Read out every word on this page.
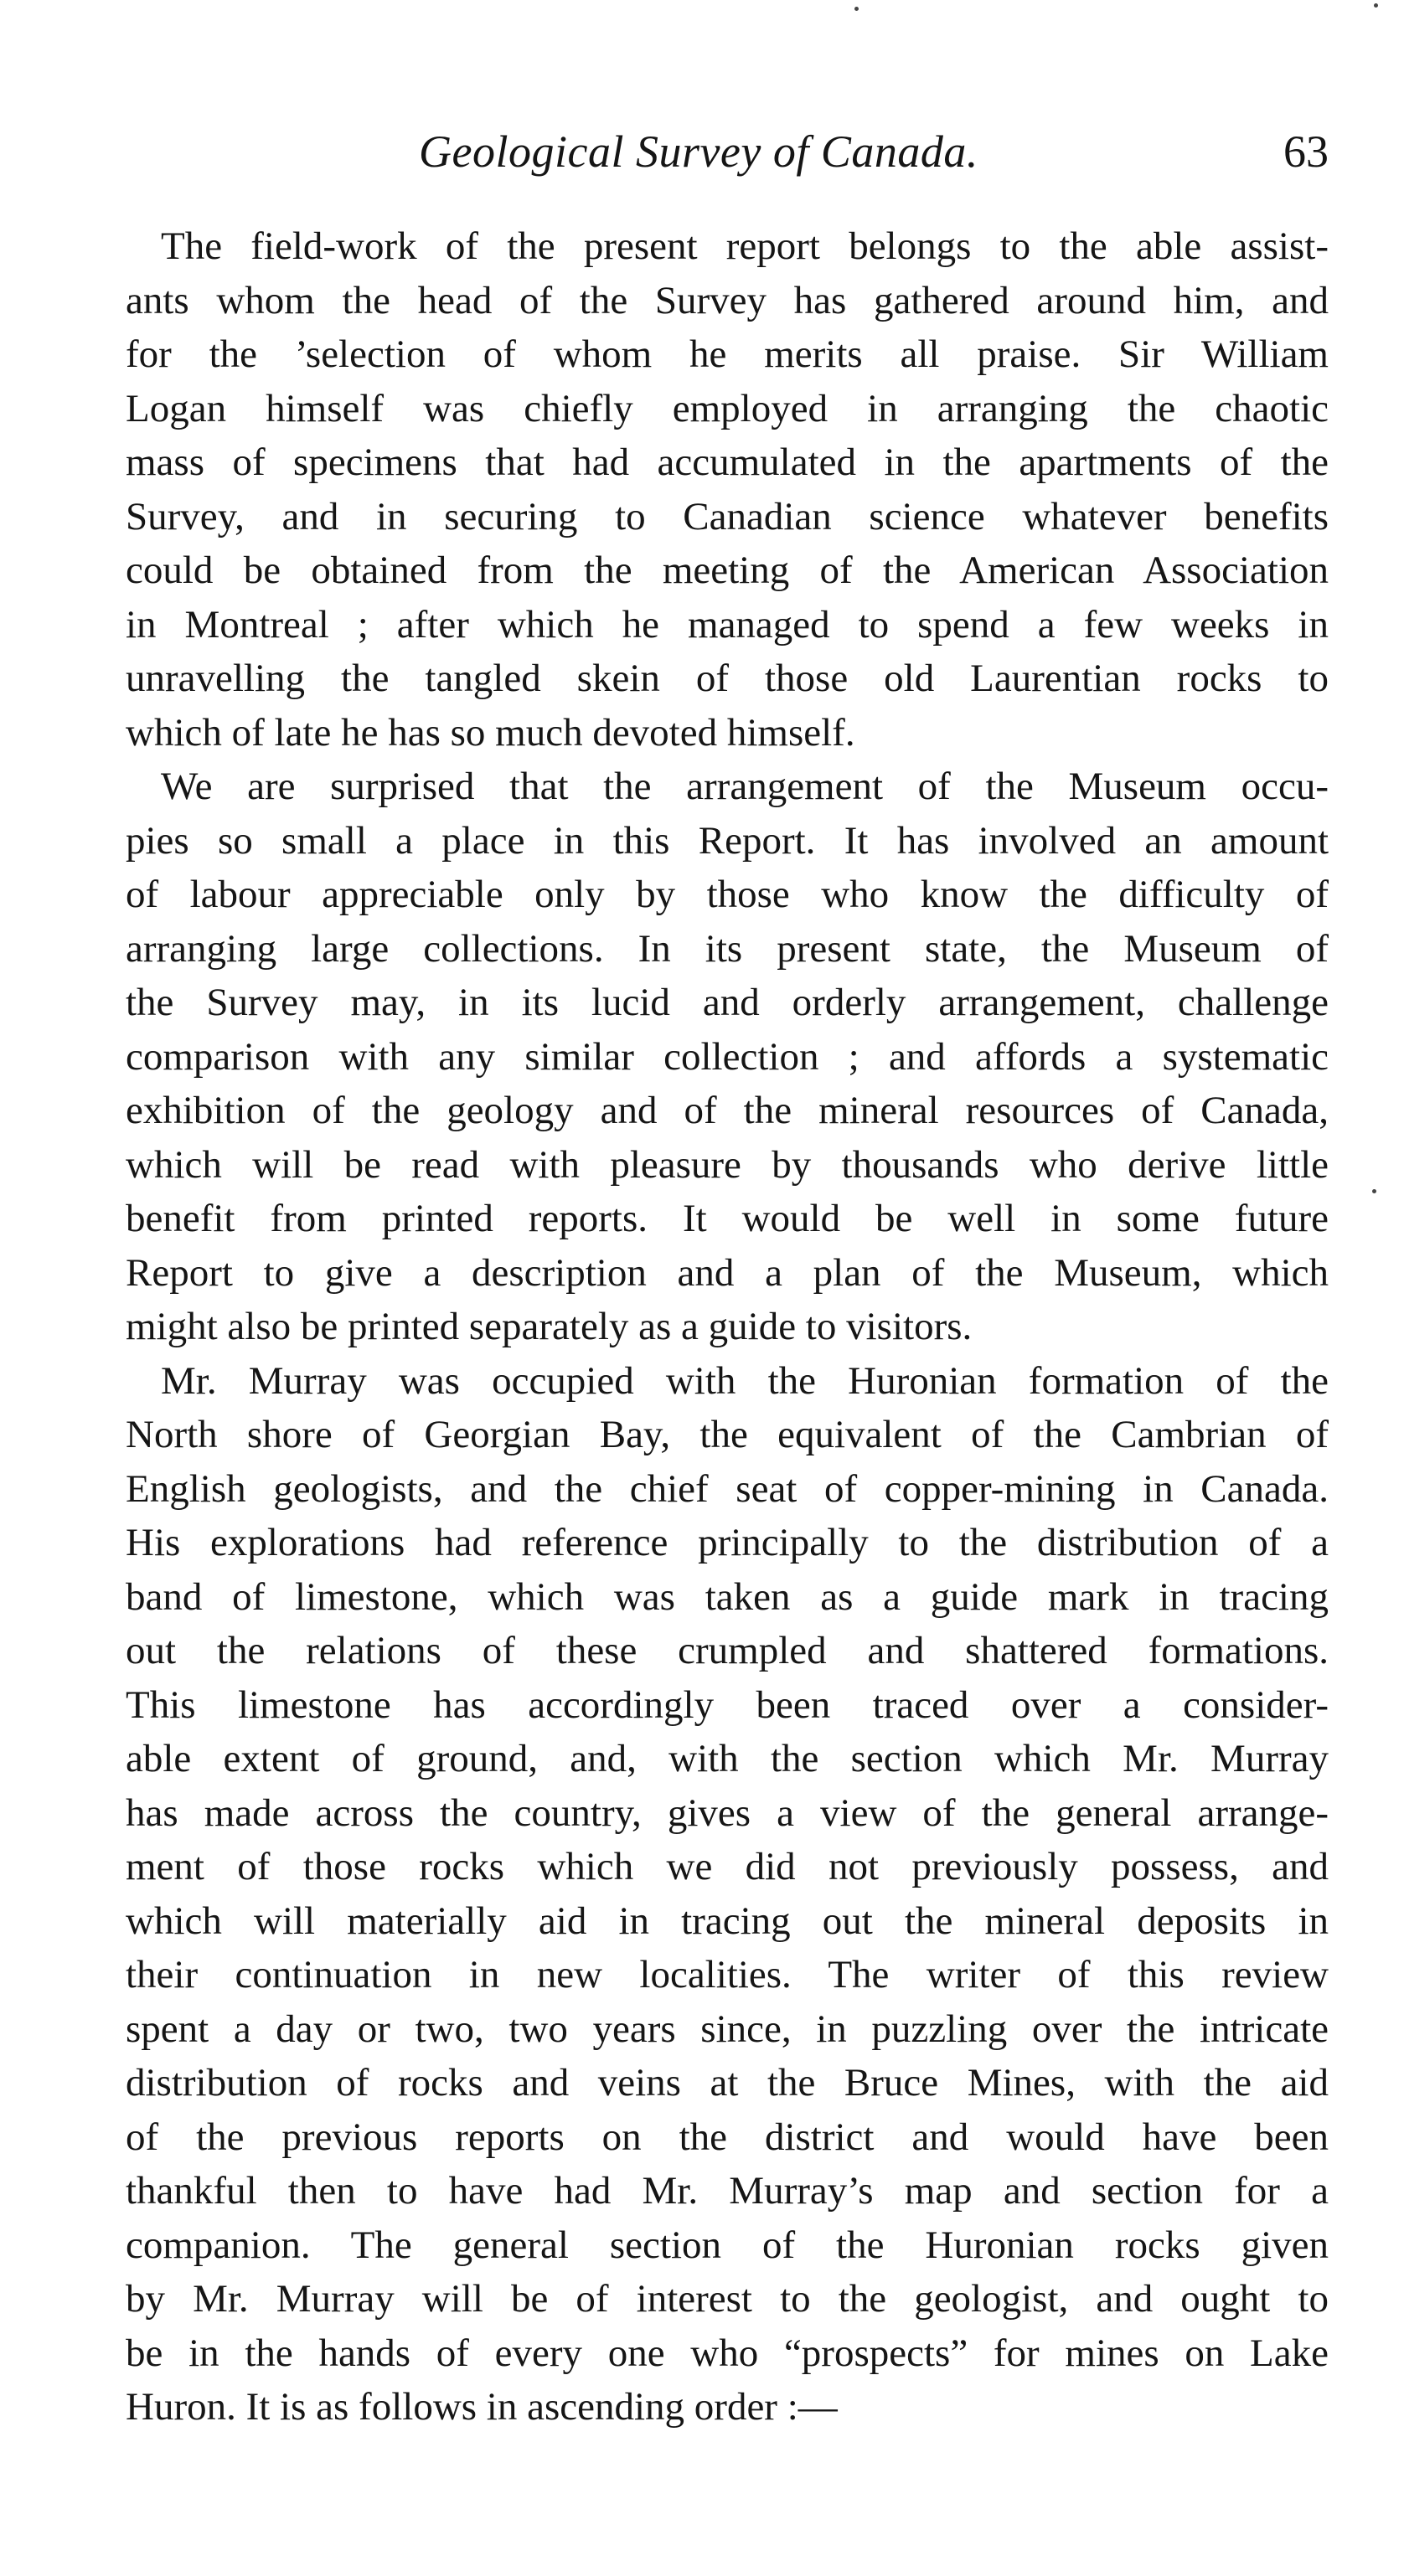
Geological Survey of Canada.	63
The field-work of the present report belongs to the able assist-
ants whom the head of the Survey has gathered around him, and
for the ’selection of whom he merits all praise. Sir William
Logan himself was chiefly employed in arranging the chaotic
mass of specimens that had accumulated in the apartments of the
Survey, and in securing to Canadian science whatever benefits
could be obtained from the meeting of the American Association
in Montreal ; after which he managed to spend a few weeks in
unravelling the tangled skein of those old Laurentian rocks to
which of late he has so much devoted himself.
We are surprised that the arrangement of the Museum occu-
pies so small a place in this Report. It has involved an amount
of labour appreciable only by those who know the difficulty of
arranging large collections. In its present state, the Museum of
the Survey may, in its lucid and orderly arrangement, challenge
comparison with any similar collection ; and affords a systematic
exhibition of the geology and of the mineral resources of Canada,
which will be read with pleasure by thousands who derive little
benefit from printed reports. It would be well in some future
Report to give a description and a plan of the Museum, which
might also be printed separately as a guide to visitors.
Mr. Murray was occupied with the Huronian formation of the
North shore of Georgian Bay, the equivalent of the Cambrian of
English geologists, and the chief seat of copper-mining in Canada.
His explorations had reference principally to the distribution of a
band of limestone, which was taken as a guide mark in tracing
out the relations of these crumpled and shattered formations.
This limestone has accordingly been traced over a consider-
able extent of ground, and, with the section which Mr. Murray
has made across the country, gives a view of the general arrange-
ment of those rocks which we did not previously possess, and
which will materially aid in tracing out the mineral deposits in
their continuation in new localities. The writer of this review
spent a day or two, two years since, in puzzling over the intricate
distribution of rocks and veins at the Bruce Mines, with the aid
of the previous reports on the district and would have been
thankful then to have had Mr. Murray’s map and section for a
companion. The general section of the Huronian rocks given
by Mr. Murray will be of interest to the geologist, and ought to
be in the hands of every one who “prospects” for mines on Lake
Huron. It is as follows in ascending order :—
